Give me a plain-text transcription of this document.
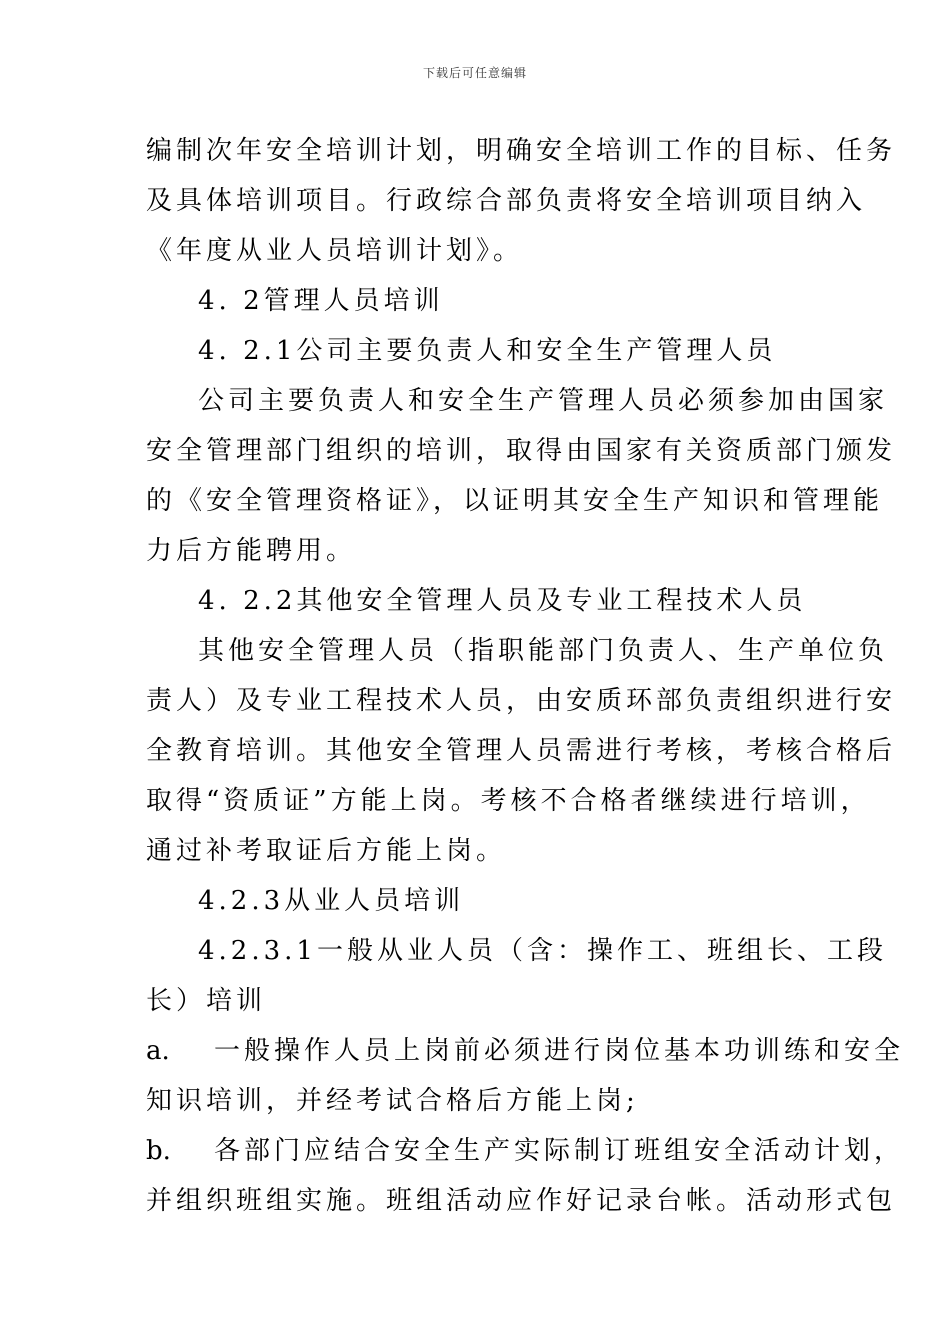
下载后可任意编辑
编制次年安全培训计划，明确安全培训工作的目标、任务
及具体培训项目。行政综合部负责将安全培训项目纳入
《年度从业人员培训计划》。
4. 2管理人员培训
4. 2.1公司主要负责人和安全生产管理人员
公司主要负责人和安全生产管理人员必须参加由国家
安全管理部门组织的培训，取得由国家有关资质部门颁发
的《安全管理资格证》，以证明其安全生产知识和管理能
力后方能聘用。
4. 2.2其他安全管理人员及专业工程技术人员
其他安全管理人员（指职能部门负责人、生产单位负
责人）及专业工程技术人员，由安质环部负责组织进行安
全教育培训。其他安全管理人员需进行考核，考核合格后
取得“资质证”方能上岗。考核不合格者继续进行培训，
通过补考取证后方能上岗。
4.2.3从业人员培训
4.2.3.1一般从业人员（含：操作工、班组长、工段
长）培训
a. 一般操作人员上岗前必须进行岗位基本功训练和安全
知识培训，并经考试合格后方能上岗;
b. 各部门应结合安全生产实际制订班组安全活动计划，
并组织班组实施。班组活动应作好记录台帐。活动形式包
